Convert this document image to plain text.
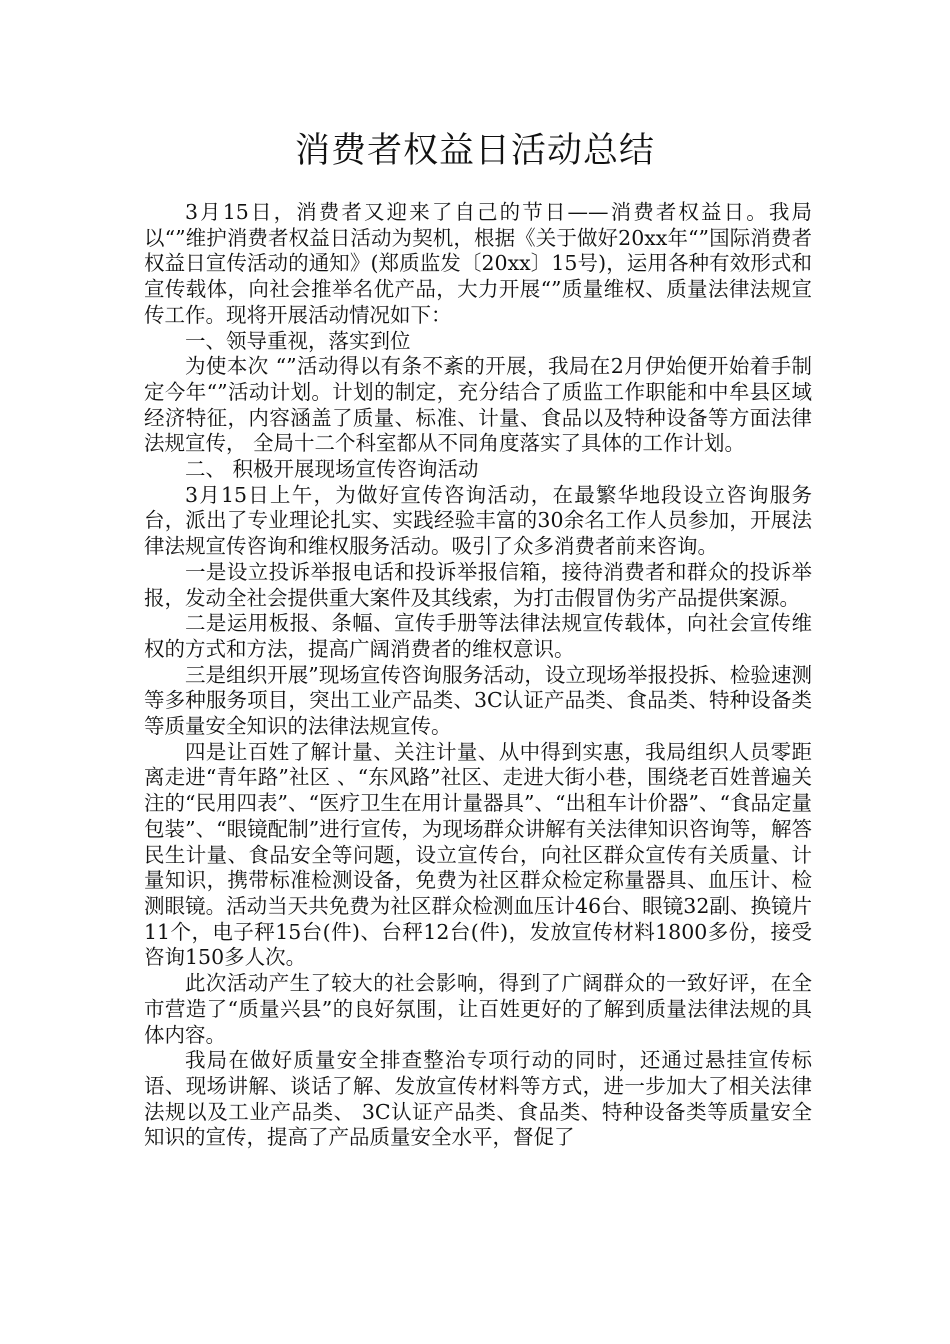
消费者权益日活动总结

3月15日，消费者又迎来了自己的节日——消费者权益日。我局以“”维护消费者权益日活动为契机，根据《关于做好20xx年“”国际消费者权益日宣传活动的通知》(郑质监发〔20xx〕15号)，运用各种有效形式和宣传载体，向社会推举名优产品，大力开展“”质量维权、质量法律法规宣传工作。现将开展活动情况如下：

一、领导重视，落实到位

为使本次 “”活动得以有条不紊的开展，我局在2月伊始便开始着手制定今年“”活动计划。计划的制定，充分结合了质监工作职能和中牟县区域经济特征，内容涵盖了质量、标准、计量、食品以及特种设备等方面法律法规宣传， 全局十二个科室都从不同角度落实了具体的工作计划。

二、 积极开展现场宣传咨询活动

3月15日上午，为做好宣传咨询活动，在最繁华地段设立咨询服务台，派出了专业理论扎实、实践经验丰富的30余名工作人员参加，开展法律法规宣传咨询和维权服务活动。吸引了众多消费者前来咨询。

一是设立投诉举报电话和投诉举报信箱，接待消费者和群众的投诉举报，发动全社会提供重大案件及其线索，为打击假冒伪劣产品提供案源。

二是运用板报、条幅、宣传手册等法律法规宣传载体，向社会宣传维权的方式和方法，提高广阔消费者的维权意识。

三是组织开展”现场宣传咨询服务活动，设立现场举报投拆、检验速测等多种服务项目，突出工业产品类、3C认证产品类、食品类、特种设备类等质量安全知识的法律法规宣传。

四是让百姓了解计量、关注计量、从中得到实惠，我局组织人员零距离走进“青年路”社区 、“东风路”社区、走进大街小巷，围绕老百姓普遍关注的“民用四表”、“医疗卫生在用计量器具”、“出租车计价器”、“食品定量包装”、“眼镜配制”进行宣传，为现场群众讲解有关法律知识咨询等，解答民生计量、食品安全等问题，设立宣传台，向社区群众宣传有关质量、计量知识，携带标准检测设备，免费为社区群众检定称量器具、血压计、检测眼镜。活动当天共免费为社区群众检测血压计46台、眼镜32副、换镜片11个，电子秤15台(件)、台秤12台(件)，发放宣传材料1800多份，接受咨询150多人次。

此次活动产生了较大的社会影响，得到了广阔群众的一致好评，在全市营造了“质量兴县”的良好氛围，让百姓更好的了解到质量法律法规的具体内容。

我局在做好质量安全排查整治专项行动的同时，还通过悬挂宣传标语、现场讲解、谈话了解、发放宣传材料等方式，进一步加大了相关法律法规以及工业产品类、 3C认证产品类、食品类、特种设备类等质量安全知识的宣传，提高了产品质量安全水平，督促了
